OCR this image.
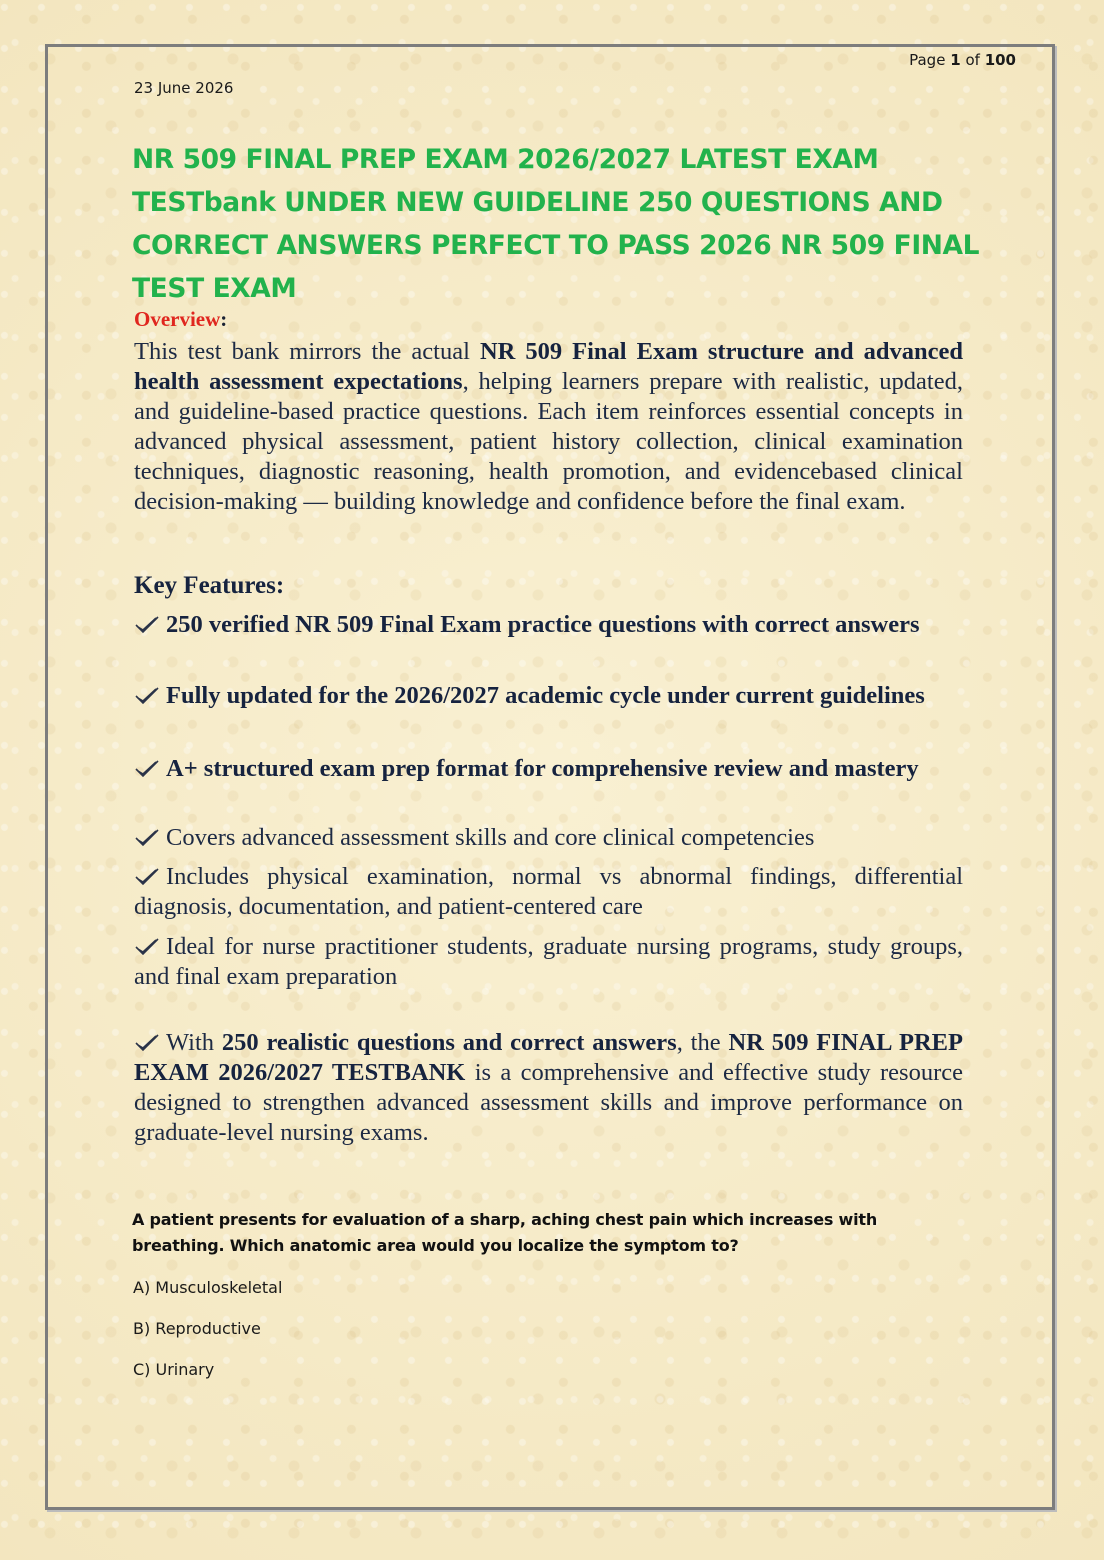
Page 1 of 100
23 June 2026
NR 509 FINAL PREP EXAM 2026/2027 LATEST EXAM TESTbank UNDER NEW GUIDELINE 250 QUESTIONS AND CORRECT ANSWERS PERFECT TO PASS 2026 NR 509 FINAL TEST EXAM
Overview:

This test bank mirrors the actual NR 509 Final Exam structure and advanced health assessment expectations, helping learners prepare with realistic, updated, and guideline-based practice questions. Each item reinforces essential concepts in advanced physical assessment, patient history collection, clinical examination techniques, diagnostic reasoning, health promotion, and evidencebased clinical decision-making — building knowledge and confidence before the final exam.

Key Features:

250 verified NR 509 Final Exam practice questions with correct answers

Fully updated for the 2026/2027 academic cycle under current guidelines

A+ structured exam prep format for comprehensive review and mastery

Covers advanced assessment skills and core clinical competencies

Includes physical examination, normal vs abnormal findings, differential diagnosis, documentation, and patient-centered care

Ideal for nurse practitioner students, graduate nursing programs, study groups, and final exam preparation

With 250 realistic questions and correct answers, the NR 509 FINAL PREP EXAM 2026/2027 TESTBANK is a comprehensive and effective study resource designed to strengthen advanced assessment skills and improve performance on graduate-level nursing exams.

A patient presents for evaluation of a sharp, aching chest pain which increases with breathing. Which anatomic area would you localize the symptom to?

A) Musculoskeletal
B) Reproductive
C) Urinary
